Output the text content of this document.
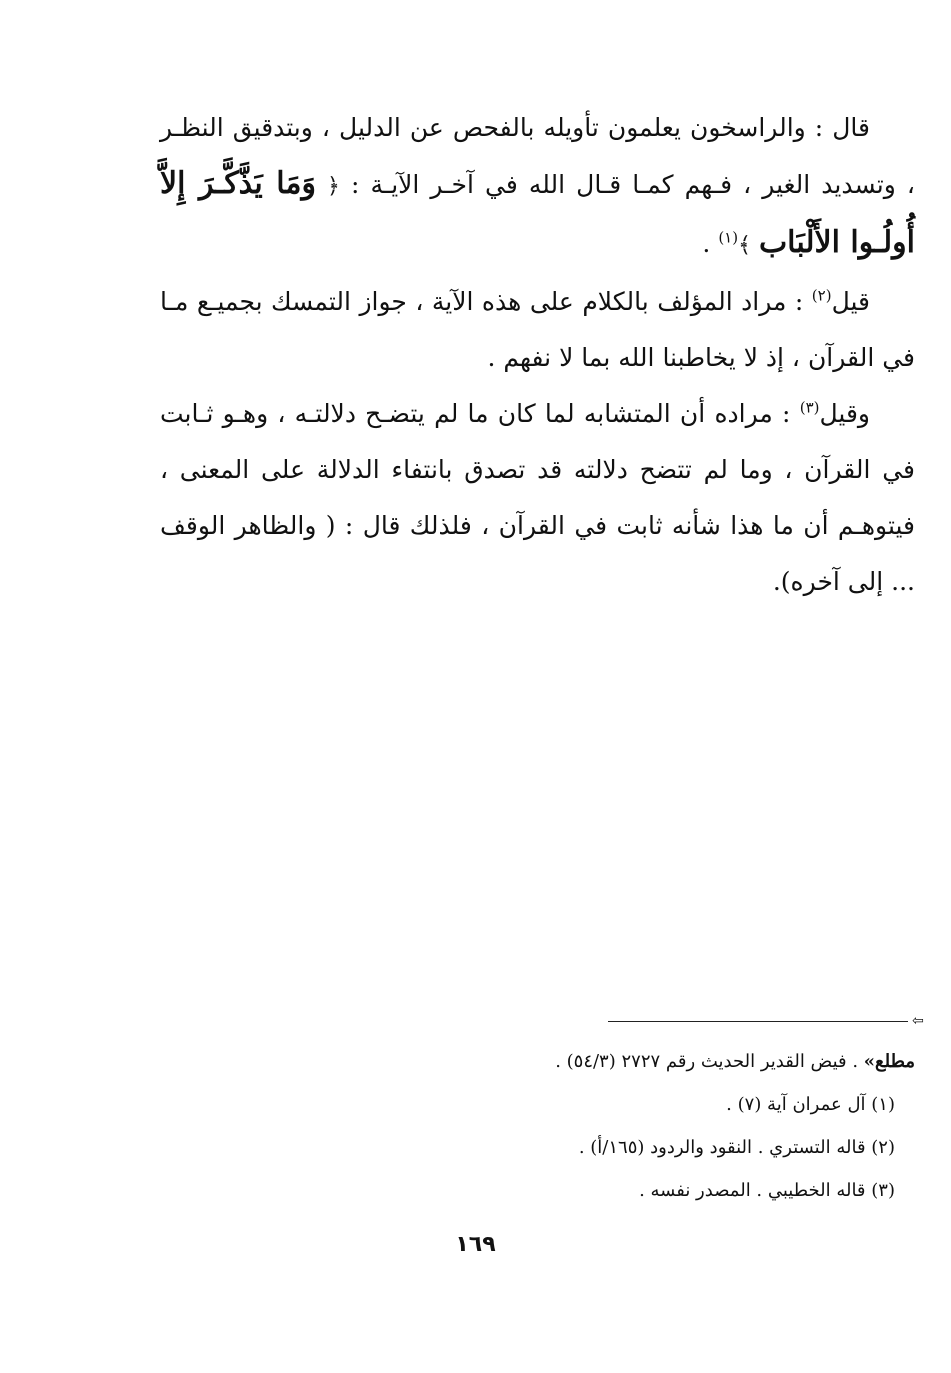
قال : والراسخون يعلمون تأويله بالفحص عن الدليل ، وبتدقيق النظـر ، وتسديد الغير ، فـهم كمـا قـال الله في آخـر الآيـة : ﴿ وَمَا يَذَّكَّـرَ إِلاَّ أُولُـوا الأَلْبَاب ﴾$^{(١)}$ .

قيل$^{(٢)}$ : مراد المؤلف بالكلام على هذه الآية ، جواز التمسك بجميـع مـا في القرآن ، إذ لا يخاطبنا الله بما لا نفهم .

وقيل$^{(٣)}$ : مراده أن المتشابه لما كان ما لم يتضـح دلالتـه ، وهـو ثـابت في القرآن ، وما لم تتضح دلالته قد تصدق بانتفاء الدلالة على المعنى ، فيتوهـم أن ما هذا شأنه ثابت في القرآن ، فلذلك قال : ( والظاهر الوقف ... إلى آخره).

⇦

مطلع» . فيض القدير الحديث رقم ٢٧٢٧ (٥٤/٣) .

(١) آل عمران آية (٧) .

(٢) قاله التستري . النقود والردود (١٦٥/أ) .

(٣) قاله الخطيبي . المصدر نفسه .

١٦٩
